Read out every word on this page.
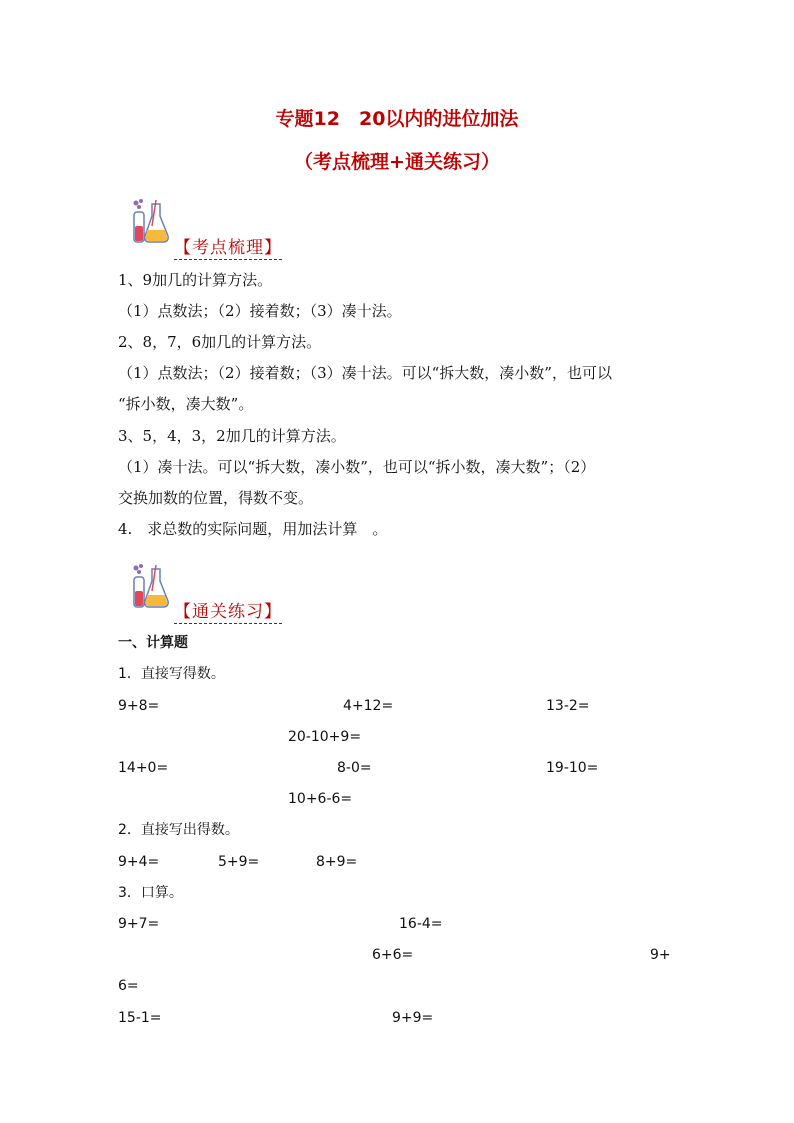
专题12　20以内的进位加法
（考点梳理+通关练习）
【考点梳理】
1、9加几的计算方法。
（1）点数法；（2）接着数；（3）凑十法。
2、8，7，6加几的计算方法。
（1）点数法；（2）接着数；（3）凑十法。可以“拆大数，凑小数”，也可以
“拆小数，凑大数”。
3、5，4，3，2加几的计算方法。
（1）凑十法。可以“拆大数，凑小数”，也可以“拆小数，凑大数”；（2）
交换加数的位置，得数不变。
4.　求总数的实际问题，用加法计算　。
【通关练习】
一、计算题
1．直接写得数。
9+8=	4+12=	13-2=
20-10+9=
14+0=	8-0=	19-10=
10+6-6=
2．直接写出得数。
9+4=	5+9=	8+9=
3．口算。
9+7=	16-4=
6+6=	9+
6=
15-1=	9+9=
